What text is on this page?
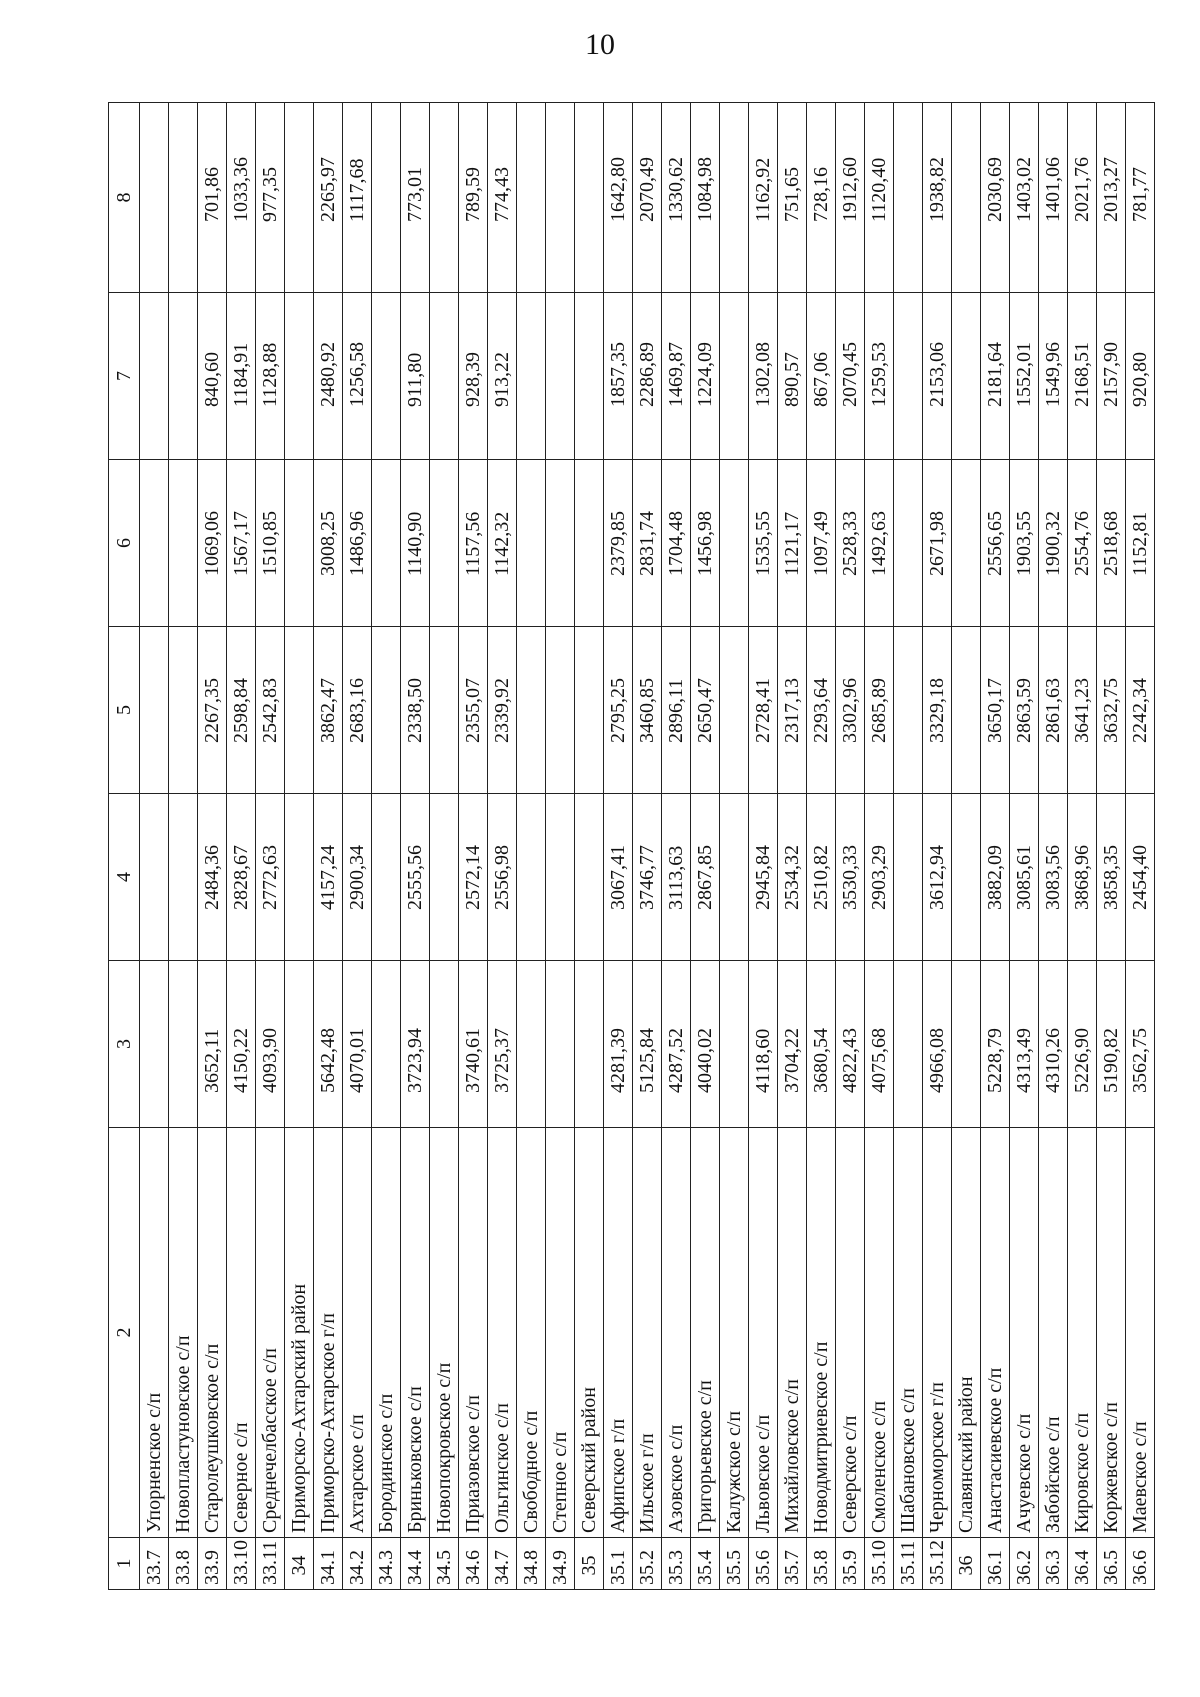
10
1	2	3	4	5	6	7	8
33.7	Упорненское с/п						
33.8	Новопластуновское с/п						
33.9	Старолеушковское с/п	3652,11	2484,36	2267,35	1069,06	840,60	701,86
33.10	Северное с/п	4150,22	2828,67	2598,84	1567,17	1184,91	1033,36
33.11	Среднечелбасское с/п	4093,90	2772,63	2542,83	1510,85	1128,88	977,35
34	Приморско-Ахтарский район						
34.1	Приморско-Ахтарское г/п	5642,48	4157,24	3862,47	3008,25	2480,92	2265,97
34.2	Ахтарское с/п	4070,01	2900,34	2683,16	1486,96	1256,58	1117,68
34.3	Бородинское с/п						
34.4	Бриньковское с/п	3723,94	2555,56	2338,50	1140,90	911,80	773,01
34.5	Новопокровское с/п						
34.6	Приазовское с/п	3740,61	2572,14	2355,07	1157,56	928,39	789,59
34.7	Ольгинское с/п	3725,37	2556,98	2339,92	1142,32	913,22	774,43
34.8	Свободное с/п						
34.9	Степное с/п						
35	Северский район						
35.1	Афипское г/п	4281,39	3067,41	2795,25	2379,85	1857,35	1642,80
35.2	Ильское г/п	5125,84	3746,77	3460,85	2831,74	2286,89	2070,49
35.3	Азовское с/п	4287,52	3113,63	2896,11	1704,48	1469,87	1330,62
35.4	Григорьевское с/п	4040,02	2867,85	2650,47	1456,98	1224,09	1084,98
35.5	Калужское с/п						
35.6	Львовское с/п	4118,60	2945,84	2728,41	1535,55	1302,08	1162,92
35.7	Михайловское с/п	3704,22	2534,32	2317,13	1121,17	890,57	751,65
35.8	Новодмитриевское с/п	3680,54	2510,82	2293,64	1097,49	867,06	728,16
35.9	Северское с/п	4822,43	3530,33	3302,96	2528,33	2070,45	1912,60
35.10	Смоленское с/п	4075,68	2903,29	2685,89	1492,63	1259,53	1120,40
35.11	Шабановское с/п						
35.12	Черноморское г/п	4966,08	3612,94	3329,18	2671,98	2153,06	1938,82
36	Славянский район						
36.1	Анастасиевское с/п	5228,79	3882,09	3650,17	2556,65	2181,64	2030,69
36.2	Ачуевское с/п	4313,49	3085,61	2863,59	1903,55	1552,01	1403,02
36.3	Забойское с/п	4310,26	3083,56	2861,63	1900,32	1549,96	1401,06
36.4	Кировское с/п	5226,90	3868,96	3641,23	2554,76	2168,51	2021,76
36.5	Коржевское с/п	5190,82	3858,35	3632,75	2518,68	2157,90	2013,27
36.6	Маевское с/п	3562,75	2454,40	2242,34	1152,81	920,80	781,77
